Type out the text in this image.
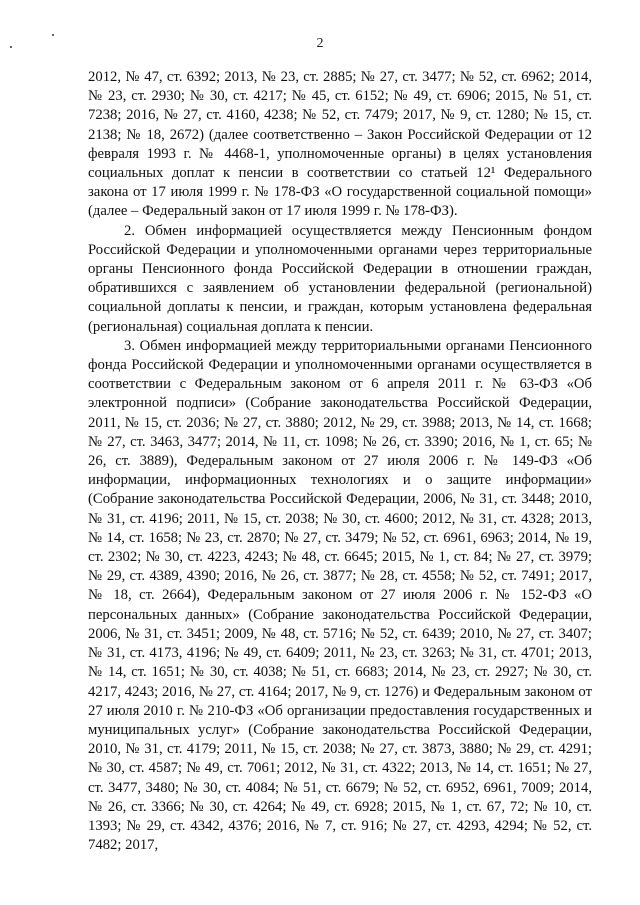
2

2012, № 47, ст. 6392; 2013, № 23, ст. 2885; № 27, ст. 3477; № 52, ст. 6962; 2014, № 23, ст. 2930; № 30, ст. 4217; № 45, ст. 6152; № 49, ст. 6906; 2015, № 51, ст. 7238; 2016, № 27, ст. 4160, 4238; № 52, ст. 7479; 2017, № 9, ст. 1280; № 15, ст. 2138; № 18, 2672) (далее соответственно – Закон Российской Федерации от 12 февраля 1993 г. № 4468-1, уполномоченные органы) в целях установления социальных доплат к пенсии в соответствии со статьей 12¹ Федерального закона от 17 июля 1999 г. № 178-ФЗ «О государственной социальной помощи» (далее – Федеральный закон от 17 июля 1999 г. № 178-ФЗ).

2. Обмен информацией осуществляется между Пенсионным фондом Российской Федерации и уполномоченными органами через территориальные органы Пенсионного фонда Российской Федерации в отношении граждан, обратившихся с заявлением об установлении федеральной (региональной) социальной доплаты к пенсии, и граждан, которым установлена федеральная (региональная) социальная доплата к пенсии.

3. Обмен информацией между территориальными органами Пенсионного фонда Российской Федерации и уполномоченными органами осуществляется в соответствии с Федеральным законом от 6 апреля 2011 г. № 63-ФЗ «Об электронной подписи» (Собрание законодательства Российской Федерации, 2011, № 15, ст. 2036; № 27, ст. 3880; 2012, № 29, ст. 3988; 2013, № 14, ст. 1668; № 27, ст. 3463, 3477; 2014, № 11, ст. 1098; № 26, ст. 3390; 2016, № 1, ст. 65; № 26, ст. 3889), Федеральным законом от 27 июля 2006 г. № 149-ФЗ «Об информации, информационных технологиях и о защите информации» (Собрание законодательства Российской Федерации, 2006, № 31, ст. 3448; 2010, № 31, ст. 4196; 2011, № 15, ст. 2038; № 30, ст. 4600; 2012, № 31, ст. 4328; 2013, № 14, ст. 1658; № 23, ст. 2870; № 27, ст. 3479; № 52, ст. 6961, 6963; 2014, № 19, ст. 2302; № 30, ст. 4223, 4243; № 48, ст. 6645; 2015, № 1, ст. 84; № 27, ст. 3979; № 29, ст. 4389, 4390; 2016, № 26, ст. 3877; № 28, ст. 4558; № 52, ст. 7491; 2017, № 18, ст. 2664), Федеральным законом от 27 июля 2006 г. № 152-ФЗ «О персональных данных» (Собрание законодательства Российской Федерации, 2006, № 31, ст. 3451; 2009, № 48, ст. 5716; № 52, ст. 6439; 2010, № 27, ст. 3407; № 31, ст. 4173, 4196; № 49, ст. 6409; 2011, № 23, ст. 3263; № 31, ст. 4701; 2013, № 14, ст. 1651; № 30, ст. 4038; № 51, ст. 6683; 2014, № 23, ст. 2927; № 30, ст. 4217, 4243; 2016, № 27, ст. 4164; 2017, № 9, ст. 1276) и Федеральным законом от 27 июля 2010 г. № 210-ФЗ «Об организации предоставления государственных и муниципальных услуг» (Собрание законодательства Российской Федерации, 2010, № 31, ст. 4179; 2011, № 15, ст. 2038; № 27, ст. 3873, 3880; № 29, ст. 4291; № 30, ст. 4587; № 49, ст. 7061; 2012, № 31, ст. 4322; 2013, № 14, ст. 1651; № 27, ст. 3477, 3480; № 30, ст. 4084; № 51, ст. 6679; № 52, ст. 6952, 6961, 7009; 2014, № 26, ст. 3366; № 30, ст. 4264; № 49, ст. 6928; 2015, № 1, ст. 67, 72; № 10, ст. 1393; № 29, ст. 4342, 4376; 2016, № 7, ст. 916; № 27, ст. 4293, 4294; № 52, ст. 7482; 2017,
